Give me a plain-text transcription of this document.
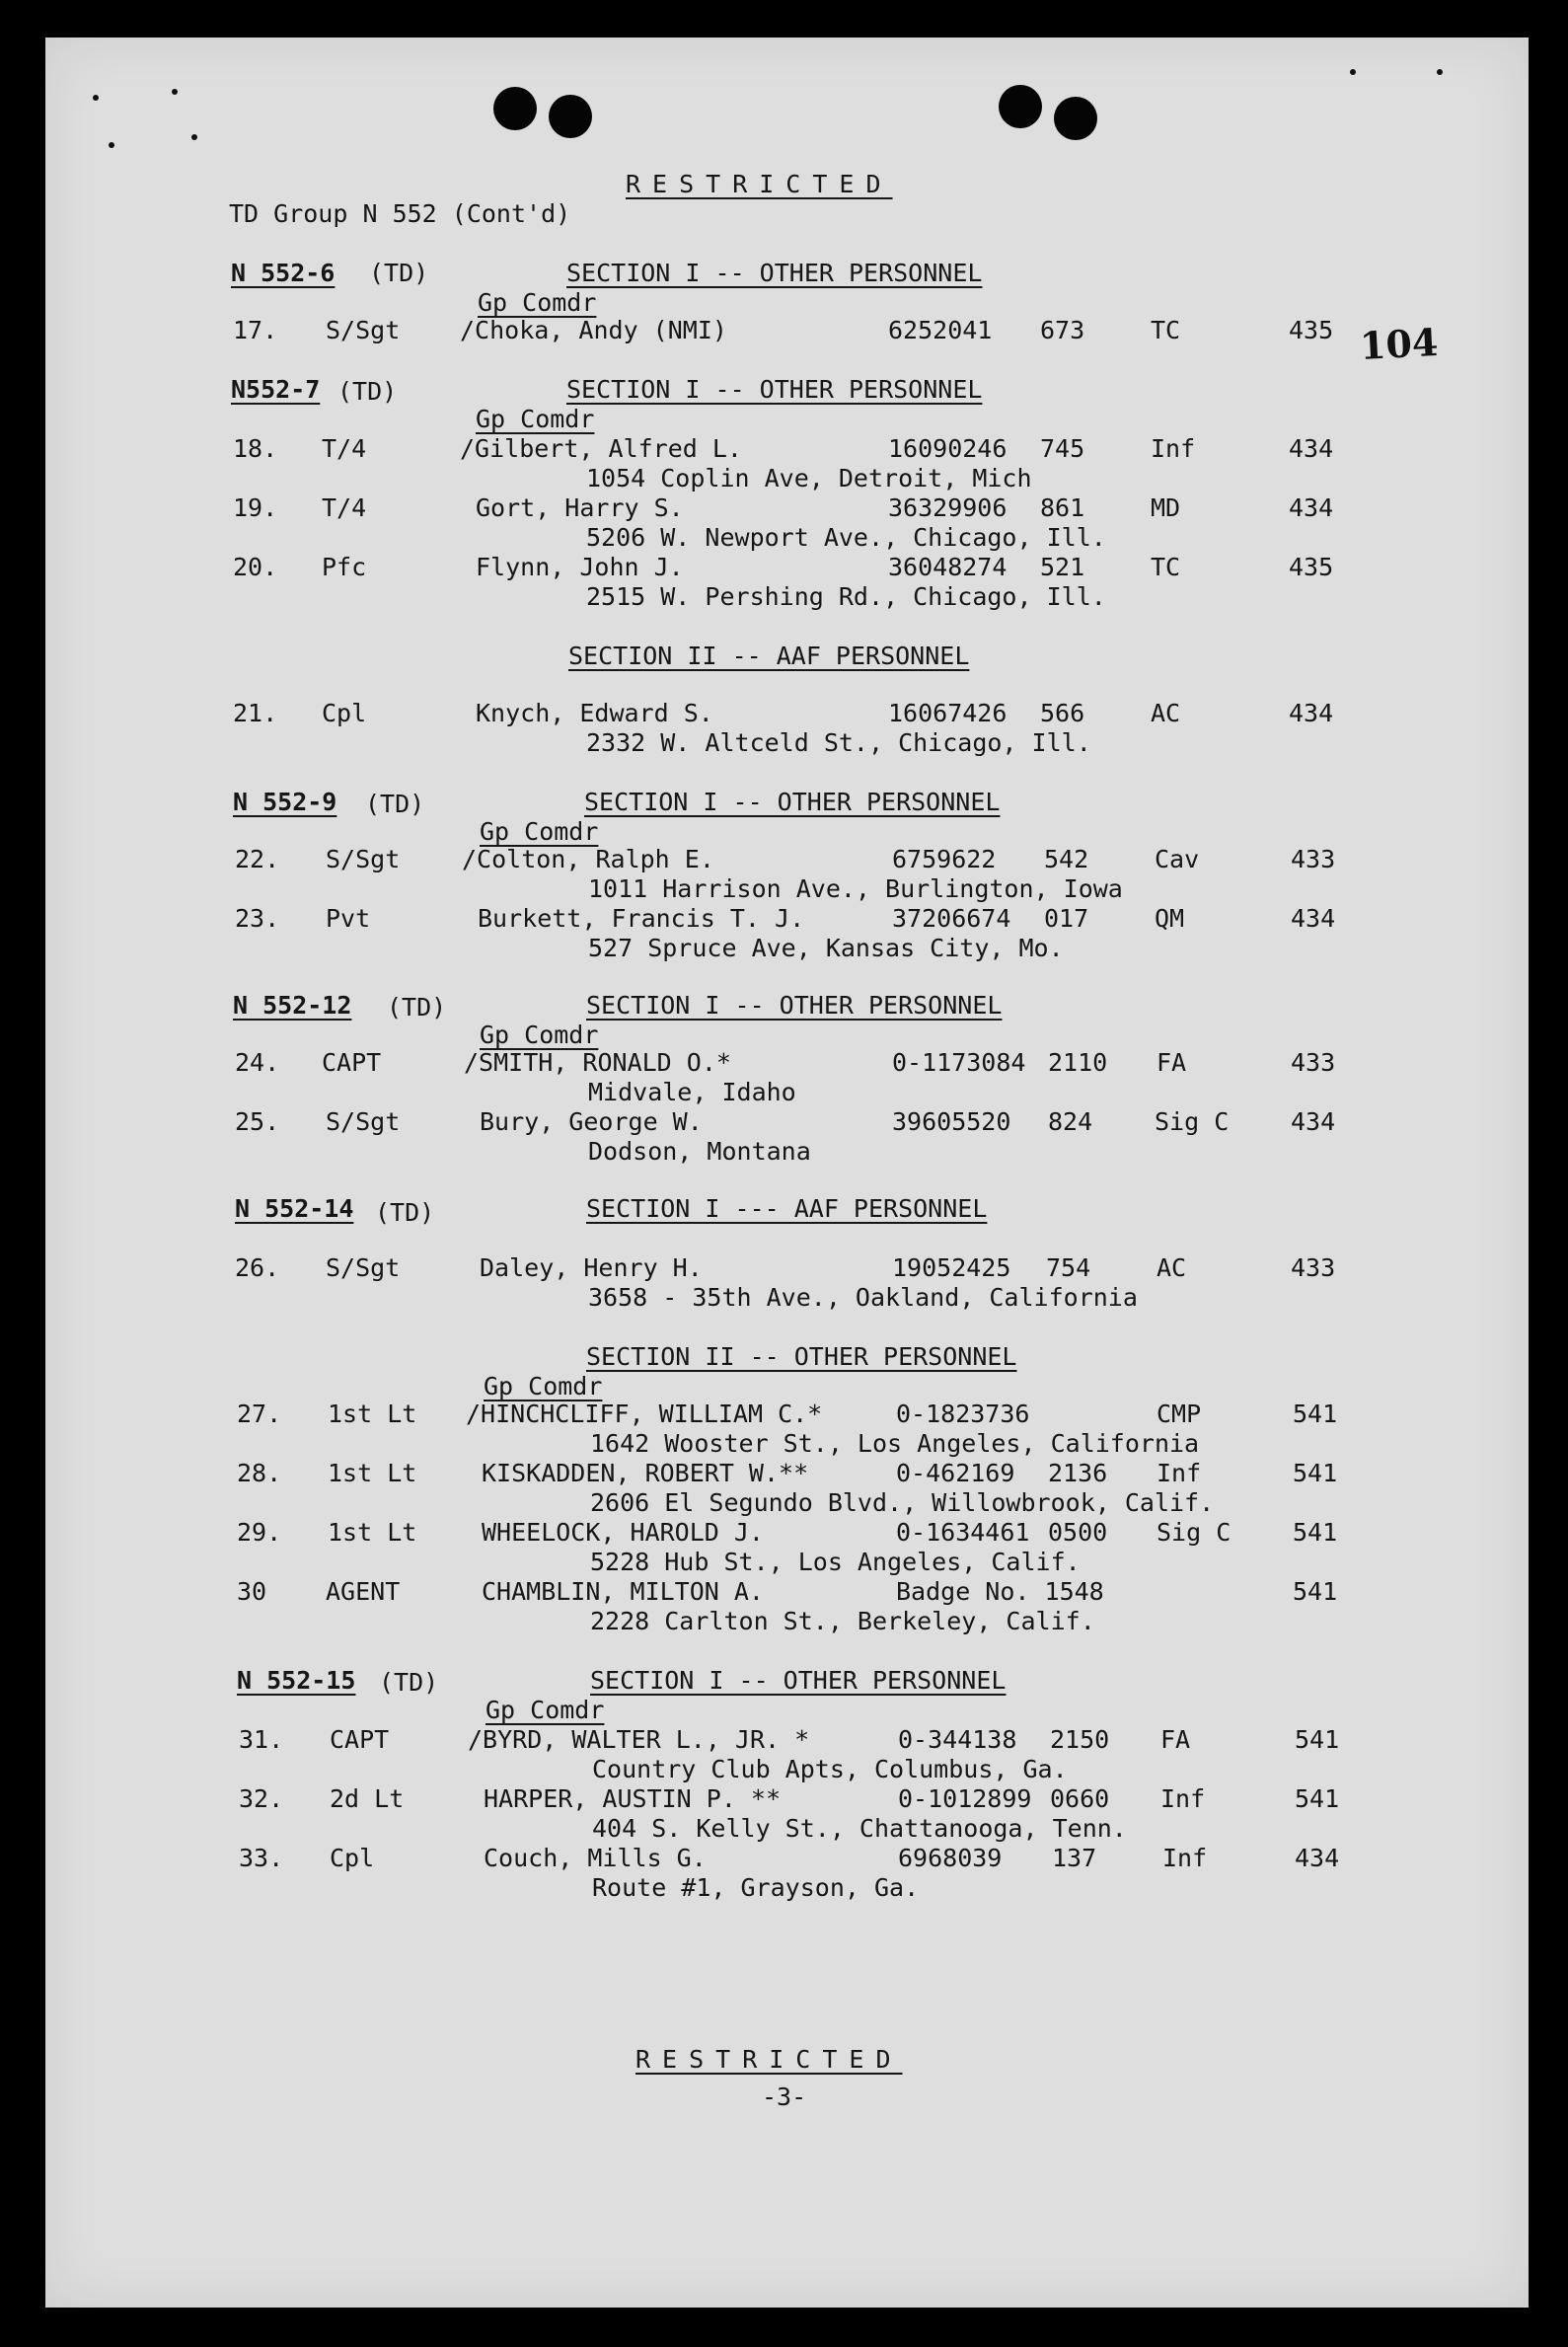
RESTRICTED
TD Group N 552 (Cont'd)
104
N 552-6 (TD)	SECTION I -- OTHER PERSONNEL
Gp Comdr
17. S/Sgt /Choka, Andy (NMI)	6252041 673	TC	435
N552-7 (TD)	SECTION I -- OTHER PERSONNEL
Gp Comdr
18. T/4	/Gilbert, Alfred L.	16090246 745	Inf	434
1054 Coplin Ave, Detroit, Mich
19. T/4	Gort, Harry S.	36329906 861	MD	434
5206 W. Newport Ave., Chicago, Ill.
20. Pfc	Flynn, John J.	36048274 521	TC	435
2515 W. Pershing Rd., Chicago, Ill.
SECTION II -- AAF PERSONNEL
21. Cpl	Knych, Edward S.	16067426 566	AC	434
2332 W. Altceld St., Chicago, Ill.
N 552-9 (TD)	SECTION I -- OTHER PERSONNEL
Gp Comdr
22. S/Sgt	/Colton, Ralph E.	6759622 542	Cav	433
1011 Harrison Ave., Burlington, Iowa
23. Pvt	Burkett, Francis T. J.	37206674 017	QM	434
527 Spruce Ave, Kansas City, Mo.
N 552-12 (TD)	SECTION I -- OTHER PERSONNEL
Gp Comdr
24. CAPT	/SMITH, RONALD O.*	0-1173084 2110 FA	433
Midvale, Idaho
25. S/Sgt	Bury, George W.	39605520 824	Sig C	434
Dodson, Montana
N 552-14 (TD)	SECTION I --- AAF PERSONNEL
26. S/Sgt	Daley, Henry H.	19052425 754	AC	433
3658 - 35th Ave., Oakland, California
SECTION II -- OTHER PERSONNEL
Gp Comdr
27. 1st Lt /HINCHCLIFF, WILLIAM C.*	0-1823736	CMP	541
1642 Wooster St., Los Angeles, California
28. 1st Lt	KISKADDEN, ROBERT W.**	0-462169 2136 Inf	541
2606 El Segundo Blvd., Willowbrook, Calif.
29. 1st Lt	WHEELOCK, HAROLD J.	0-1634461 0500 Sig C	541
5228 Hub St., Los Angeles, Calif.
30 AGENT	CHAMBLIN, MILTON A.	Badge No. 1548	541
2228 Carlton St., Berkeley, Calif.
N 552-15 (TD)	SECTION I -- OTHER PERSONNEL
Gp Comdr
31. CAPT	/BYRD, WALTER L., JR. *	0-344138 2150 FA	541
Country Club Apts, Columbus, Ga.
32. 2d Lt	HARPER, AUSTIN P. **	0-1012899 0660 Inf	541
404 S. Kelly St., Chattanooga, Tenn.
33. Cpl	Couch, Mills G.	6968039 137	Inf	434
Route #1, Grayson, Ga.
RESTRICTED
-3-
